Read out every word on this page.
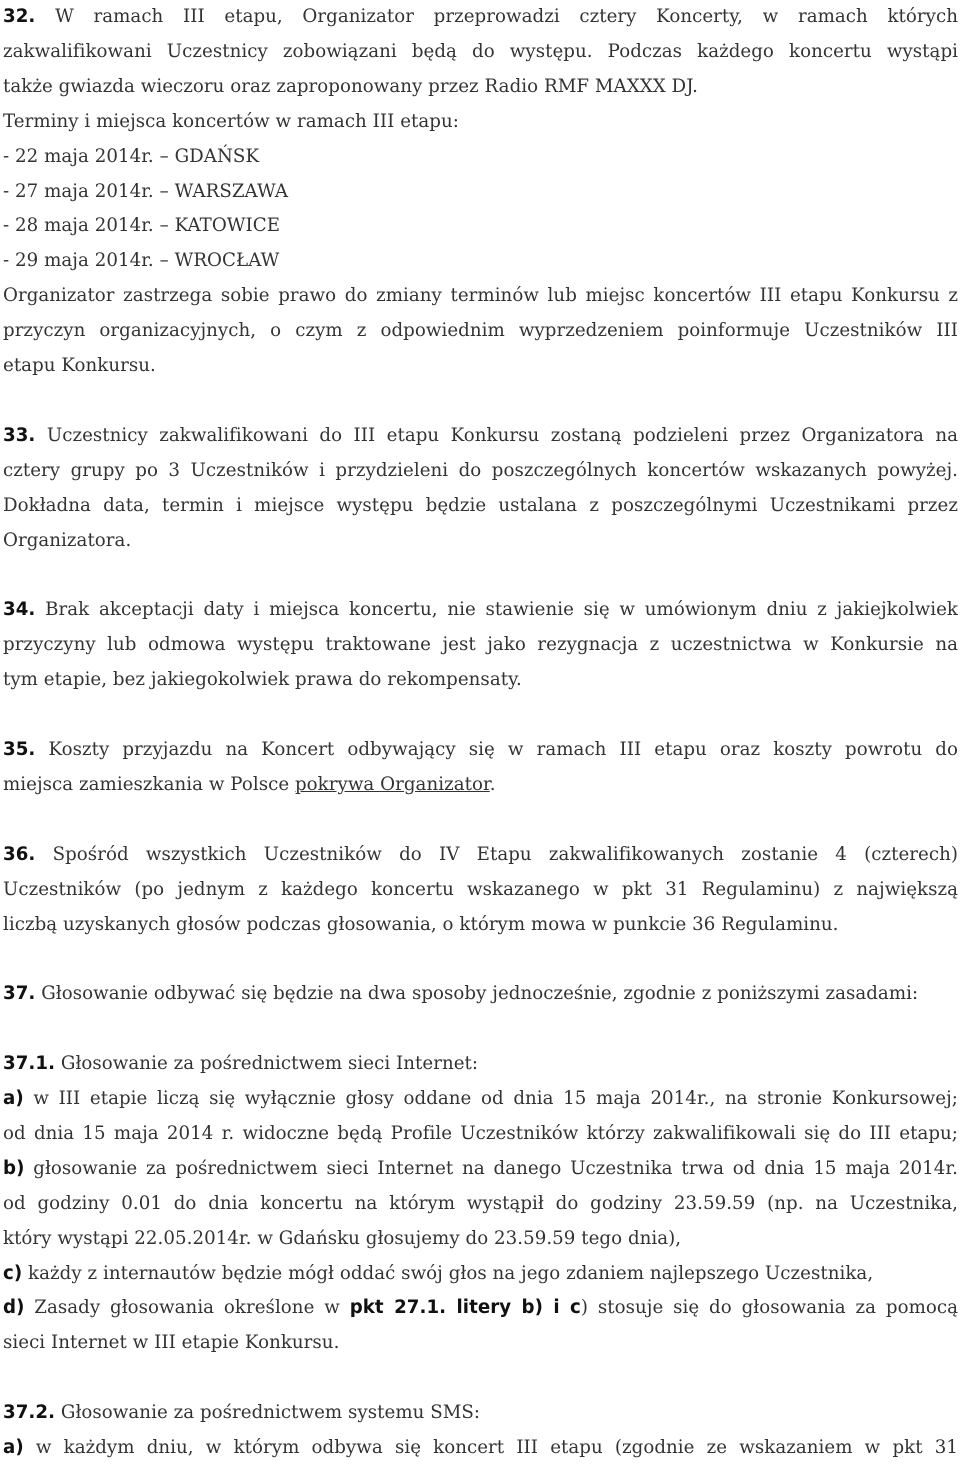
32. W ramach III etapu, Organizator przeprowadzi cztery Koncerty, w ramach których
zakwalifikowani Uczestnicy zobowiązani będą do występu. Podczas każdego koncertu wystąpi
także gwiazda wieczoru oraz zaproponowany przez Radio RMF MAXXX DJ.
Terminy i miejsca koncertów w ramach III etapu:
- 22 maja 2014r. – GDAŃSK
- 27 maja 2014r. – WARSZAWA
- 28 maja 2014r. – KATOWICE
- 29 maja 2014r. – WROCŁAW
Organizator zastrzega sobie prawo do zmiany terminów lub miejsc koncertów III etapu Konkursu z
przyczyn organizacyjnych, o czym z odpowiednim wyprzedzeniem poinformuje Uczestników III
etapu Konkursu.
33. Uczestnicy zakwalifikowani do III etapu Konkursu zostaną podzieleni przez Organizatora na
cztery grupy po 3 Uczestników i przydzieleni do poszczególnych koncertów wskazanych powyżej.
Dokładna data, termin i miejsce występu będzie ustalana z poszczególnymi Uczestnikami przez
Organizatora.
34. Brak akceptacji daty i miejsca koncertu, nie stawienie się w umówionym dniu z jakiejkolwiek
przyczyny lub odmowa występu traktowane jest jako rezygnacja z uczestnictwa w Konkursie na
tym etapie, bez jakiegokolwiek prawa do rekompensaty.
35. Koszty przyjazdu na Koncert odbywający się w ramach III etapu oraz koszty powrotu do
miejsca zamieszkania w Polsce pokrywa Organizator.
36. Spośród wszystkich Uczestników do IV Etapu zakwalifikowanych zostanie 4 (czterech)
Uczestników (po jednym z każdego koncertu wskazanego w pkt 31 Regulaminu) z największą
liczbą uzyskanych głosów podczas głosowania, o którym mowa w punkcie 36 Regulaminu.
37. Głosowanie odbywać się będzie na dwa sposoby jednocześnie, zgodnie z poniższymi zasadami:
37.1. Głosowanie za pośrednictwem sieci Internet:
a) w III etapie liczą się wyłącznie głosy oddane od dnia 15 maja 2014r., na stronie Konkursowej;
od dnia 15 maja 2014 r. widoczne będą Profile Uczestników którzy zakwalifikowali się do III etapu;
b) głosowanie za pośrednictwem sieci Internet na danego Uczestnika trwa od dnia 15 maja 2014r.
od godziny 0.01 do dnia koncertu na którym wystąpił do godziny 23.59.59 (np. na Uczestnika,
który wystąpi 22.05.2014r. w Gdańsku głosujemy do 23.59.59 tego dnia),
c) każdy z internautów będzie mógł oddać swój głos na jego zdaniem najlepszego Uczestnika,
d) Zasady głosowania określone w pkt 27.1. litery b) i c) stosuje się do głosowania za pomocą
sieci Internet w III etapie Konkursu.
37.2. Głosowanie za pośrednictwem systemu SMS:
a) w każdym dniu, w którym odbywa się koncert III etapu (zgodnie ze wskazaniem w pkt 31
